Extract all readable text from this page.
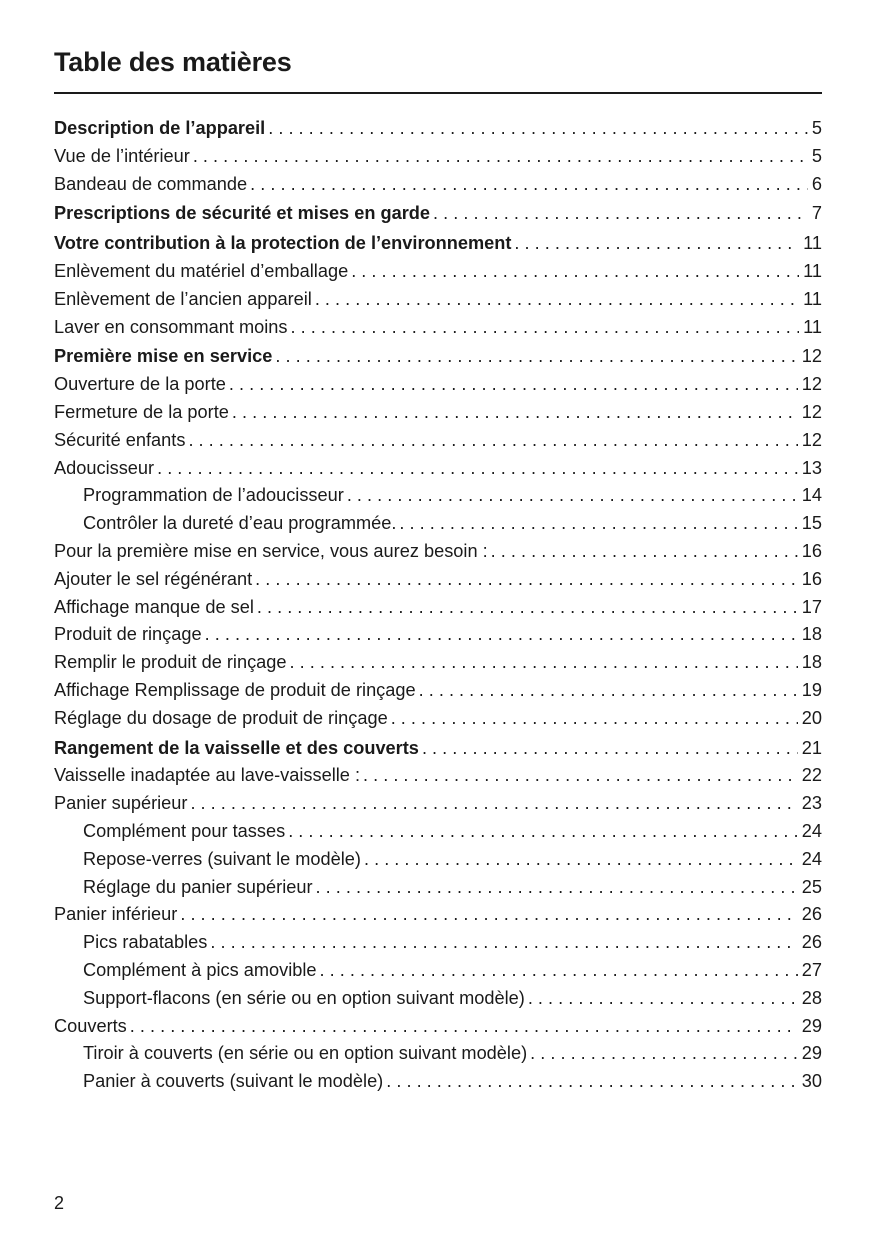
Table des matières
Description de l’appareil . . .	5
Vue de l’intérieur . . .	5
Bandeau de commande . . .	6
Prescriptions de sécurité et mises en garde . . .	7
Votre contribution à la protection de l’environnement . . .	11
Enlèvement du matériel d’emballage . . .	11
Enlèvement de l’ancien appareil . . .	11
Laver en consommant moins . . .	11
Première mise en service . . .	12
Ouverture de la porte . . .	12
Fermeture de la porte . . .	12
Sécurité enfants . . .	12
Adoucisseur . . .	13
Programmation de l’adoucisseur . . .	14
Contrôler la dureté d’eau programmée. . . .	15
Pour la première mise en service, vous aurez besoin : . . .	16
Ajouter le sel régénérant . . .	16
Affichage manque de sel . . .	17
Produit de rinçage . . .	18
Remplir le produit de rinçage . . .	18
Affichage Remplissage de produit de rinçage . . .	19
Réglage du dosage de produit de rinçage . . .	20
Rangement de la vaisselle et des couverts . . .	21
Vaisselle inadaptée au lave-vaisselle : . . .	22
Panier supérieur . . .	23
Complément pour tasses . . .	24
Repose-verres (suivant le modèle) . . .	24
Réglage du panier supérieur . . .	25
Panier inférieur . . .	26
Pics rabatables . . .	26
Complément à pics amovible . . .	27
Support-flacons (en série ou en option suivant modèle) . . .	28
Couverts . . .	29
Tiroir à couverts (en série ou en option suivant modèle) . . .	29
Panier à couverts (suivant le modèle) . . .	30
2
